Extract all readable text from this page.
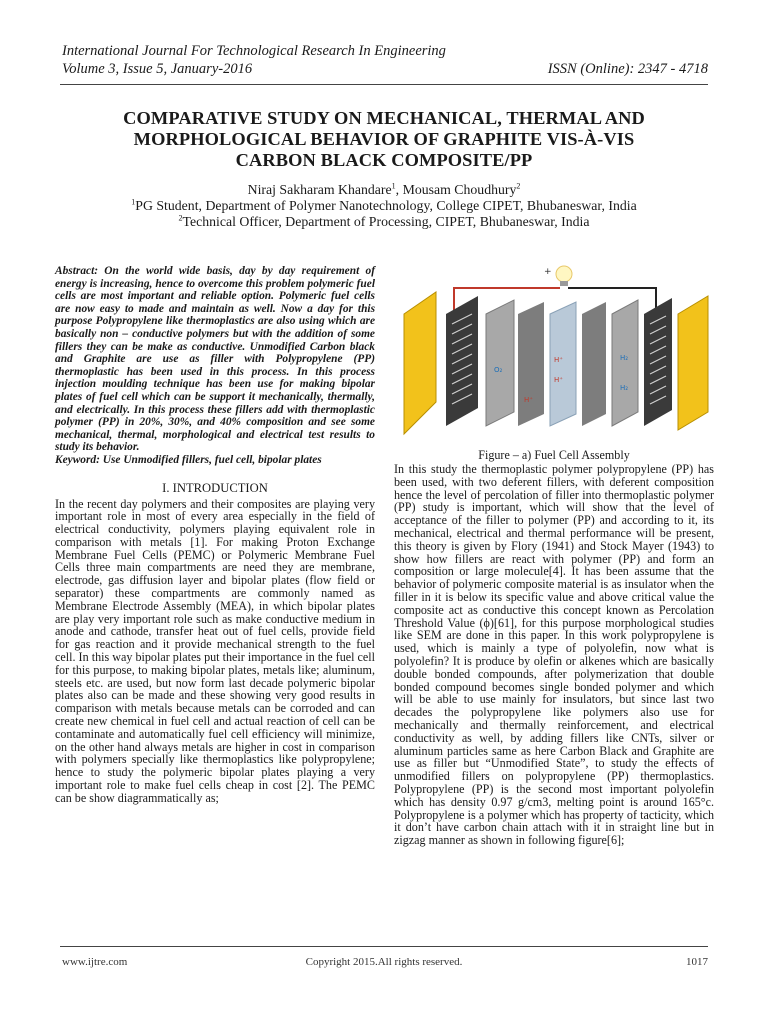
International Journal For Technological Research In Engineering
Volume 3, Issue 5, January-2016	ISSN (Online): 2347 - 4718
COMPARATIVE STUDY ON MECHANICAL, THERMAL AND
MORPHOLOGICAL BEHAVIOR OF GRAPHITE VIS-À-VIS
CARBON BLACK COMPOSITE/PP
Niraj Sakharam Khandare$^1$, Mousam Choudhury$^2$
$^1$PG Student, Department of Polymer Nanotechnology, College CIPET, Bhubaneswar, India
$^2$Technical Officer, Department of Processing, CIPET, Bhubaneswar, India
Abstract: On the world wide basis, day by day requirement of energy is increasing, hence to overcome this problem polymeric fuel cells are most important and reliable option. Polymeric fuel cells are now easy to made and maintain as well. Now a day for this purpose Polypropylene like thermoplastics are also using which are basically non – conductive polymers but with the addition of some fillers they can be make as conductive. Unmodified Carbon black and Graphite are use as filler with Polypropylene (PP) thermoplastic has been used in this process. In this process injection moulding technique has been use for making bipolar plates of fuel cell which can be support it mechanically, thermally, and electrically. In this process these fillers add with thermoplastic polymer (PP) in 20%, 30%, and 40% composition and see some mechanical, thermal, morphological and electrical test results to study its behavior.
Keyword: Use Unmodified fillers, fuel cell, bipolar plates
I. INTRODUCTION
In the recent day polymers and their composites are playing very important role in most of every area especially in the field of electrical conductivity, polymers playing equivalent role in comparison with metals [1]. For making Proton Exchange Membrane Fuel Cells (PEMC) or Polymeric Membrane Fuel Cells three main compartments are need they are membrane, electrode, gas diffusion layer and bipolar plates (flow field or separator) these compartments are commonly named as Membrane Electrode Assembly (MEA), in which bipolar plates are play very important role such as make conductive medium in anode and cathode, transfer heat out of fuel cells, provide field for gas reaction and it provide mechanical strength to the fuel cell. In this way bipolar plates put their importance in the fuel cell for this purpose, to making bipolar plates, metals like; aluminum, steels etc. are used, but now form last decade polymeric bipolar plates also can be made and these showing very good results in comparison with metals because metals can be corroded and can create new chemical in fuel cell and actual reaction of cell can be contaminate and automatically fuel cell efficiency will minimize, on the other hand always metals are higher in cost in comparison with polymers specially like thermoplastics like polypropylene; hence to study the polymeric bipolar plates playing a very important role to make fuel cells cheap in cost [2]. The PEMC can be show diagrammatically as;
+
H⁺
H⁺
H⁺
O₂
H₂
H₂
Figure – a) Fuel Cell Assembly
In this study the thermoplastic polymer polypropylene (PP) has been used, with two deferent fillers, with deferent composition hence the level of percolation of filler into thermoplastic polymer (PP) study is important, which will show that the level of acceptance of the filler to polymer (PP) and according to it, its mechanical, electrical and thermal performance will be present, this theory is given by Flory (1941) and Stock Mayer (1943) to show how fillers are react with polymer (PP) and form an composition or large molecule[4]. It has been assume that the behavior of polymeric composite material is as insulator when the filler in it is below its specific value and above critical value the composite act as conductive this concept known as Percolation Threshold Value (ϕ)[61], for this purpose morphological studies like SEM are done in this paper. In this work polypropylene is used, which is mainly a type of polyolefin, now what is polyolefin? It is produce by olefin or alkenes which are basically double bonded compounds, after polymerization that double bonded compound becomes single bonded polymer and which will be able to use mainly for insulators, but since last two decades the polypropylene like polymers also use for mechanically and thermally reinforcement, and electrical conductivity as well, by adding fillers like CNTs, silver or aluminum particles same as here Carbon Black and Graphite are use as filler but “Unmodified State”, to study the effects of unmodified fillers on polypropylene (PP) thermoplastics. Polypropylene (PP) is the second most important polyolefin which has density 0.97 g/cm3, melting point is around 165°c. Polypropylene is a polymer which has property of tacticity, which it don’t have carbon chain attach with it in straight line but in zigzag manner as shown in following figure[6];
www.ijtre.com	Copyright 2015.All rights reserved.	1017
